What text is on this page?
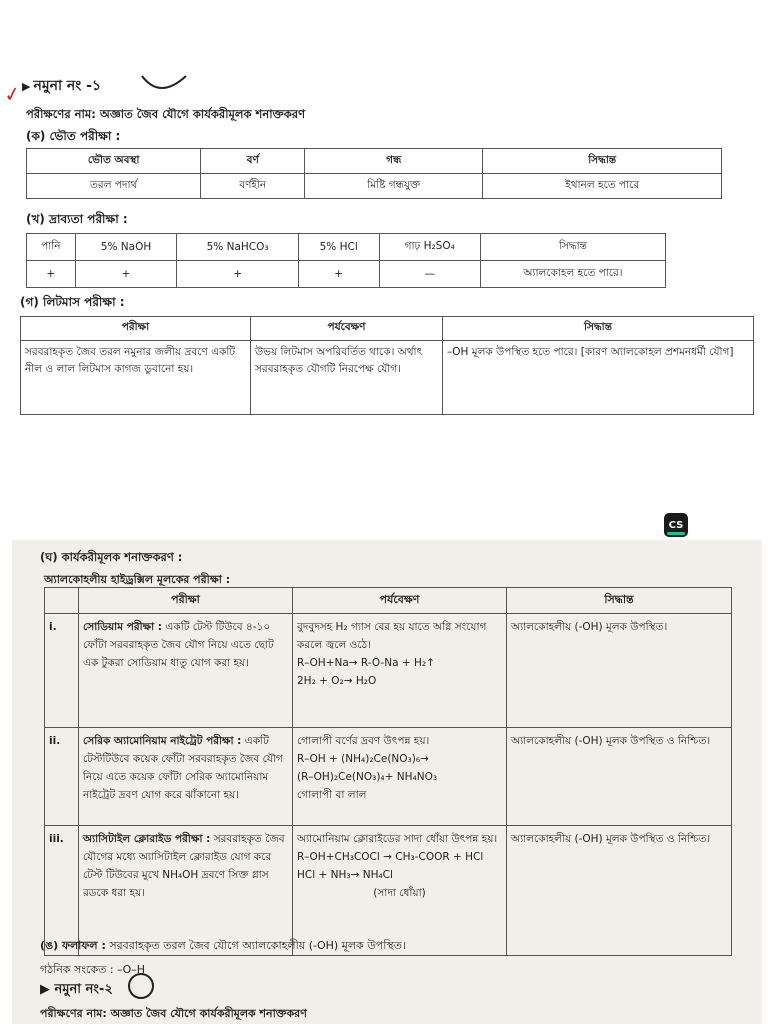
✓ ▶ নমুনা নং -১
পরীক্ষণের নাম: অজ্ঞাত জৈব যৌগে কার্যকরীমূলক শনাক্তকরণ
(ক) ভৌত পরীক্ষা :
ভৌত অবস্থা	বর্ণ	গন্ধ	সিদ্ধান্ত
তরল পদার্থ	বর্ণহীন	মিষ্টি গন্ধযুক্ত	ইথানল হতে পারে
(খ) দ্রাব্যতা পরীক্ষা :
পানি	5% NaOH	5% NaHCO₃	5% HCl	গাঢ় H₂SO₄	সিদ্ধান্ত
+	+	+	+	—	অ্যালকোহল হতে পারে।
(গ) লিটমাস পরীক্ষা :
পরীক্ষা	পর্যবেক্ষণ	সিদ্ধান্ত
সরবরাহকৃত জৈব তরল নমুনার জলীয় দ্রবণে একটি নীল ও লাল লিটমাস কাগজ ডুবানো হয়।	উভয় লিটমাস অপরিবর্তিত থাকে। অর্থাৎ সরবরাহকৃত যৌগটি নিরপেক্ষ যৌগ।	–OH মূলক উপস্থিত হতে পারে। [কারণ অ্যালকোহল প্রশমনধর্মী যৌগ]
CS
(ঘ) কার্যকরীমূলক শনাক্তকরণ :
অ্যালকোহলীয় হাইড্রক্সিল মূলকের পরীক্ষা :
	পরীক্ষা	পর্যবেক্ষণ	সিদ্ধান্ত
i.	সোডিয়াম পরীক্ষা : একটি টেস্ট টিউবে ৪-১০ ফোঁটা সরবরাহকৃত জৈব যৌগ নিয়ে এতে ছোট এক টুকরা সোডিয়াম ধাতু যোগ করা হয়।	বুদবুদসহ H₂ গ্যাস বের হয় যাতে অগ্নি সংযোগ করলে জ্বলে ওঠে।
R–OH+Na→ R-O-Na + H₂↑
2H₂ + O₂→ H₂O	অ্যালকোহলীয় (-OH) মূলক উপস্থিত।
ii.	সেরিক অ্যামোনিয়াম নাইট্রেট পরীক্ষা : একটি টেস্টটিউবে কয়েক ফোঁটা সরবরাহকৃত জৈব যৌগ নিয়ে এতে কয়েক ফোঁটা সেরিক অ্যামোনিয়াম নাইট্রেট দ্রবণ যোগ করে ঝাঁকানো হয়।	গোলাপী বর্ণের দ্রবণ উৎপন্ন হয়।
R–OH + (NH₄)₂Ce(NO₃)₆→
(R–OH)₂Ce(NO₃)₄+ NH₄NO₃
গোলাপী বা লাল	অ্যালকোহলীয় (-OH) মূলক উপস্থিত ও নিশ্চিত।
iii.	অ্যাসিটাইল ক্লোরাইড পরীক্ষা : সরবরাহকৃত জৈব যৌগের মধ্যে অ্যাসিটাইল ক্লোরাইড যোগ করে টেস্ট টিউবের মুখে NH₄OH দ্রবণে সিক্ত গ্লাস রডকে ধরা হয়।	অ্যামোনিয়াম ক্লোরাইডের সাদা ধোঁয়া উৎপন্ন হয়।
R–OH+CH₃COCl → CH₃-COOR + HCl
HCl + NH₃→ NH₄Cl
(সাদা ধোঁয়া)	অ্যালকোহলীয় (-OH) মূলক উপস্থিত ও নিশ্চিত।
(ঙ) ফলাফল : সরবরাহকৃত তরল জৈব যৌগে অ্যালকোহলীয় (-OH) মূলক উপস্থিত।
গঠনিক সংকেত : –O–H
▶ নমুনা নং-২
পরীক্ষণের নাম: অজ্ঞাত জৈব যৌগে কার্যকরীমূলক শনাক্তকরণ
